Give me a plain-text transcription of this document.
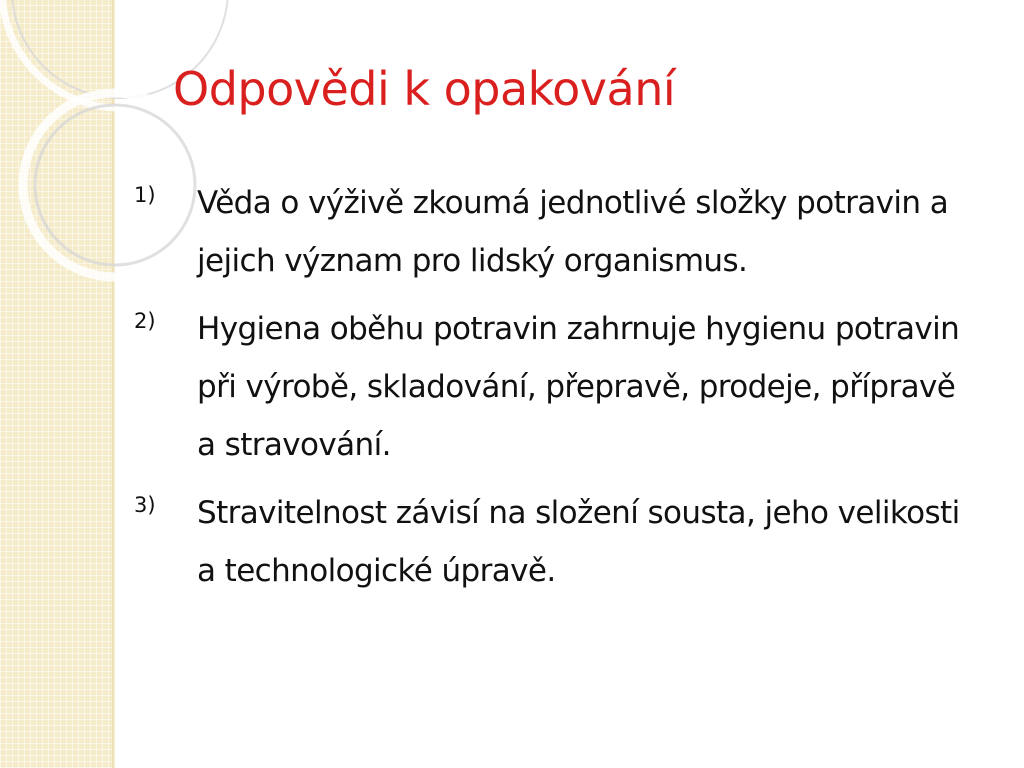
Odpovědi k opakování
1) Věda o výživě zkoumá jednotlivé složky potravin a jejich význam pro lidský organismus.
2) Hygiena oběhu potravin zahrnuje hygienu potravin při výrobě, skladování, přepravě, prodeje, přípravě a stravování.
3) Stravitelnost závisí na složení sousta, jeho velikosti a technologické úpravě.
